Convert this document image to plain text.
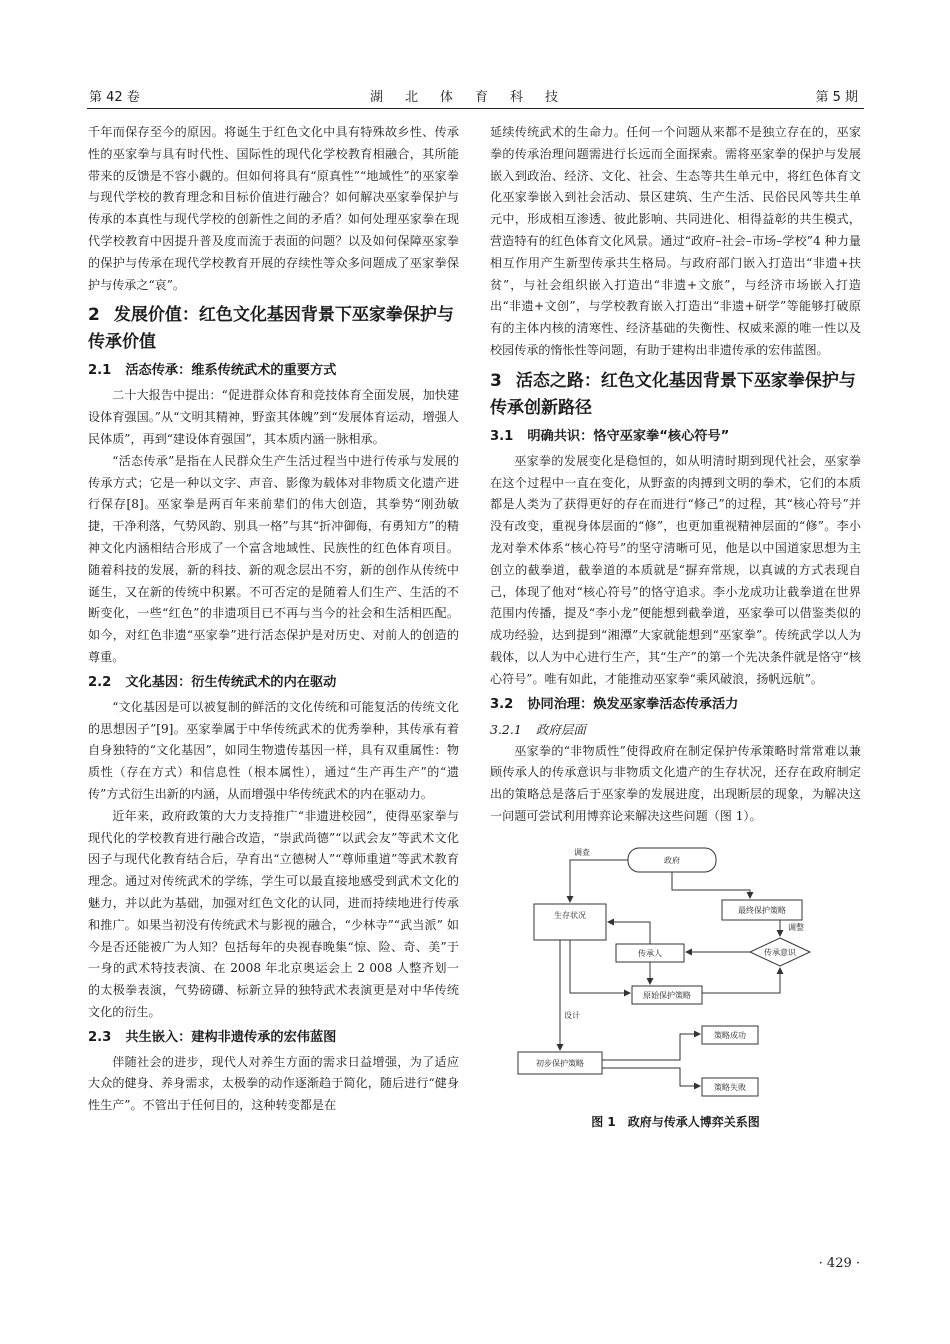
第 42 卷	湖北体育科技	第 5 期

千年而保存至今的原因。将诞生于红色文化中具有特殊故乡性、传承性的巫家拳与具有时代性、国际性的现代化学校教育相融合，其所能带来的反馈是不容小觑的。但如何将具有“原真性”“地域性”的巫家拳与现代学校的教育理念和目标价值进行融合？如何解决巫家拳保护与传承的本真性与现代学校的创新性之间的矛盾？如何处理巫家拳在现代学校教育中因提升普及度而流于表面的问题？以及如何保障巫家拳的保护与传承在现代学校教育开展的存续性等众多问题成了巫家拳保护与传承之“哀”。

2 发展价值：红色文化基因背景下巫家拳保护与传承价值
2.1 活态传承：维系传统武术的重要方式

二十大报告中提出：“促进群众体育和竞技体育全面发展，加快建设体育强国。”从“文明其精神，野蛮其体魄”到“发展体育运动，增强人民体质”，再到“建设体育强国”，其本质内涵一脉相承。

“活态传承”是指在人民群众生产生活过程当中进行传承与发展的传承方式；它是一种以文字、声音、影像为载体对非物质文化遗产进行保存[8]。巫家拳是两百年来前辈们的伟大创造，其拳势“刚劲敏捷，干净利落，气势风韵、别具一格”与其“折冲御侮，有勇知方”的精神文化内涵相结合形成了一个富含地域性、民族性的红色体育项目。随着科技的发展，新的科技、新的观念层出不穷，新的创作从传统中诞生，又在新的传统中积累。不可否定的是随着人们生产、生活的不断变化，一些“红色”的非遗项目已不再与当今的社会和生活相匹配。如今，对红色非遗“巫家拳”进行活态保护是对历史、对前人的创造的尊重。

2.2 文化基因：衍生传统武术的内在驱动

“文化基因是可以被复制的鲜活的文化传统和可能复活的传统文化的思想因子”[9]。巫家拳属于中华传统武术的优秀拳种，其传承有着自身独特的“文化基因”，如同生物遗传基因一样，具有双重属性：物质性（存在方式）和信息性（根本属性），通过“生产再生产”的“遗传”方式衍生出新的内涵，从而增强中华传统武术的内在驱动力。

近年来，政府政策的大力支持推广“非遗进校园”，使得巫家拳与现代化的学校教育进行融合改造，“崇武尚德”“以武会友”等武术文化因子与现代化教育结合后，孕育出“立德树人”“尊师重道”等武术教育理念。通过对传统武术的学练，学生可以最直接地感受到武术文化的魅力，并以此为基础，加强对红色文化的认同，进而持续地进行传承和推广。如果当初没有传统武术与影视的融合，“少林寺”“武当派” 如今是否还能被广为人知？包括每年的央视春晚集“惊、险、奇、美”于一身的武术特技表演、在 2008 年北京奥运会上 2 008 人整齐划一的太极拳表演，气势磅礴、标新立异的独特武术表演更是对中华传统文化的衍生。

2.3 共生嵌入：建构非遗传承的宏伟蓝图

伴随社会的进步，现代人对养生方面的需求日益增强，为了适应大众的健身、养身需求，太极拳的动作逐渐趋于简化，随后进行“健身性生产”。不管出于任何目的，这种转变都是在

延续传统武术的生命力。任何一个问题从来都不是独立存在的，巫家拳的传承治理问题需进行长远而全面探索。需将巫家拳的保护与发展嵌入到政治、经济、文化、社会、生态等共生单元中，将红色体育文化巫家拳嵌入到社会活动、景区建筑、生产生活、民俗民风等共生单元中，形成相互渗透、彼此影响、共同进化、相得益彰的共生模式，营造特有的红色体育文化风景。通过“政府–社会–市场–学校”4 种力量相互作用产生新型传承共生格局。与政府部门嵌入打造出“非遗+扶贫”，与社会组织嵌入打造出“非遗+文旅”，与经济市场嵌入打造出“非遗+文创”，与学校教育嵌入打造出“非遗+研学”等能够打破原有的主体内核的清寒性、经济基础的失衡性、权威来源的唯一性以及校园传承的惰怅性等问题，有助于建构出非遗传承的宏伟蓝图。

3 活态之路：红色文化基因背景下巫家拳保护与传承创新路径
3.1 明确共识：恪守巫家拳“核心符号”

巫家拳的发展变化是稳恒的，如从明清时期到现代社会，巫家拳在这个过程中一直在变化，从野蛮的肉搏到文明的拳术，它们的本质都是人类为了获得更好的存在而进行“修己”的过程，其“核心符号”并没有改变，重视身体层面的“修”，也更加重视精神层面的“修”。李小龙对拳术体系“核心符号”的坚守清晰可见，他是以中国道家思想为主创立的截拳道，截拳道的本质就是“摒弃常规，以真诚的方式表现自己，体现了他对“核心符号”的恪守追求。李小龙成功让截拳道在世界范围内传播，提及“李小龙”便能想到截拳道，巫家拳可以借鉴类似的成功经验，达到提到“湘潭”大家就能想到“巫家拳”。传统武学以人为载体，以人为中心进行生产，其“生产”的第一个先决条件就是恪守“核心符号”。唯有如此，才能推动巫家拳“乘风破浪，扬帆远航”。

3.2 协同治理：焕发巫家拳活态传承活力
3.2.1 政府层面

巫家拳的“非物质性”使得政府在制定保护传承策略时常常难以兼顾传承人的传承意识与非物质文化遗产的生存状况，还存在政府制定出的策略总是落后于巫家拳的发展进度，出现断层的现象，为解决这一问题可尝试利用博弈论来解决这些问题（图 1）。

政府
最终保护策略
生存状况
传承人	传承意识
原始保护策略
策略成功
初步保护策略
策略失败
调查
调整
设计
图 1　政府与传承人博弈关系图
· 429 ·
